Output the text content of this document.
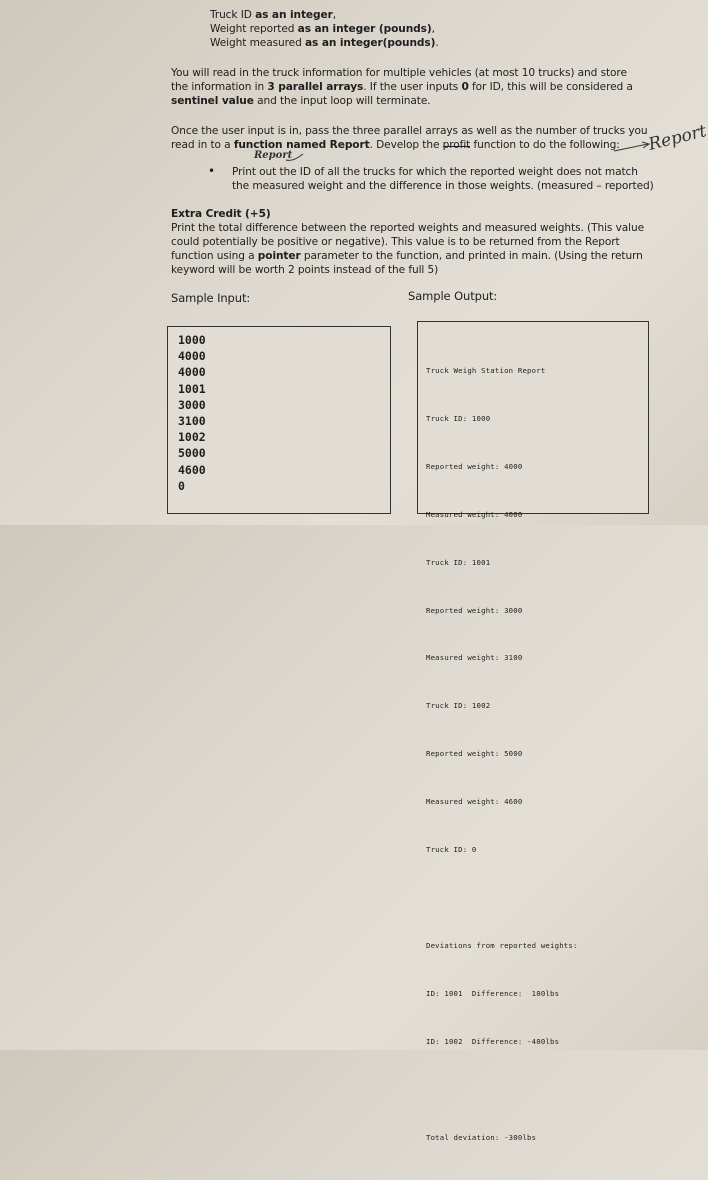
Truck ID as an integer,
Weight reported as an integer (pounds),
Weight measured as an integer(pounds).
You will read in the truck information for multiple vehicles (at most 10 trucks) and store
the information in 3 parallel arrays. If the user inputs 0 for ID, this will be considered a
sentinel value and the input loop will terminate.
Once the user input is in, pass the three parallel arrays as well as the number of trucks you
read in to a function named Report. Develop the profit function to do the following: Report
Report
• Print out the ID of all the trucks for which the reported weight does not match
the measured weight and the difference in those weights. (measured – reported)
Extra Credit (+5)
Print the total difference between the reported weights and measured weights. (This value
could potentially be positive or negative). This value is to be returned from the Report
function using a pointer parameter to the function, and printed in main. (Using the return
keyword will be worth 2 points instead of the full 5)
Sample Input:	Sample Output:
1000
4000
4000
1001
3000
3100
1002
5000
4600
0

Truck Weigh Station Report

Truck ID: 1000

Reported weight: 4000

Measured weight: 4000

Truck ID: 1001

Reported weight: 3000

Measured weight: 3100

Truck ID: 1002

Reported weight: 5000

Measured weight: 4600

Truck ID: 0

Deviations from reported weights:

ID: 1001  Difference:  100lbs

ID: 1002  Difference: -400lbs

Total deviation: -300lbs
